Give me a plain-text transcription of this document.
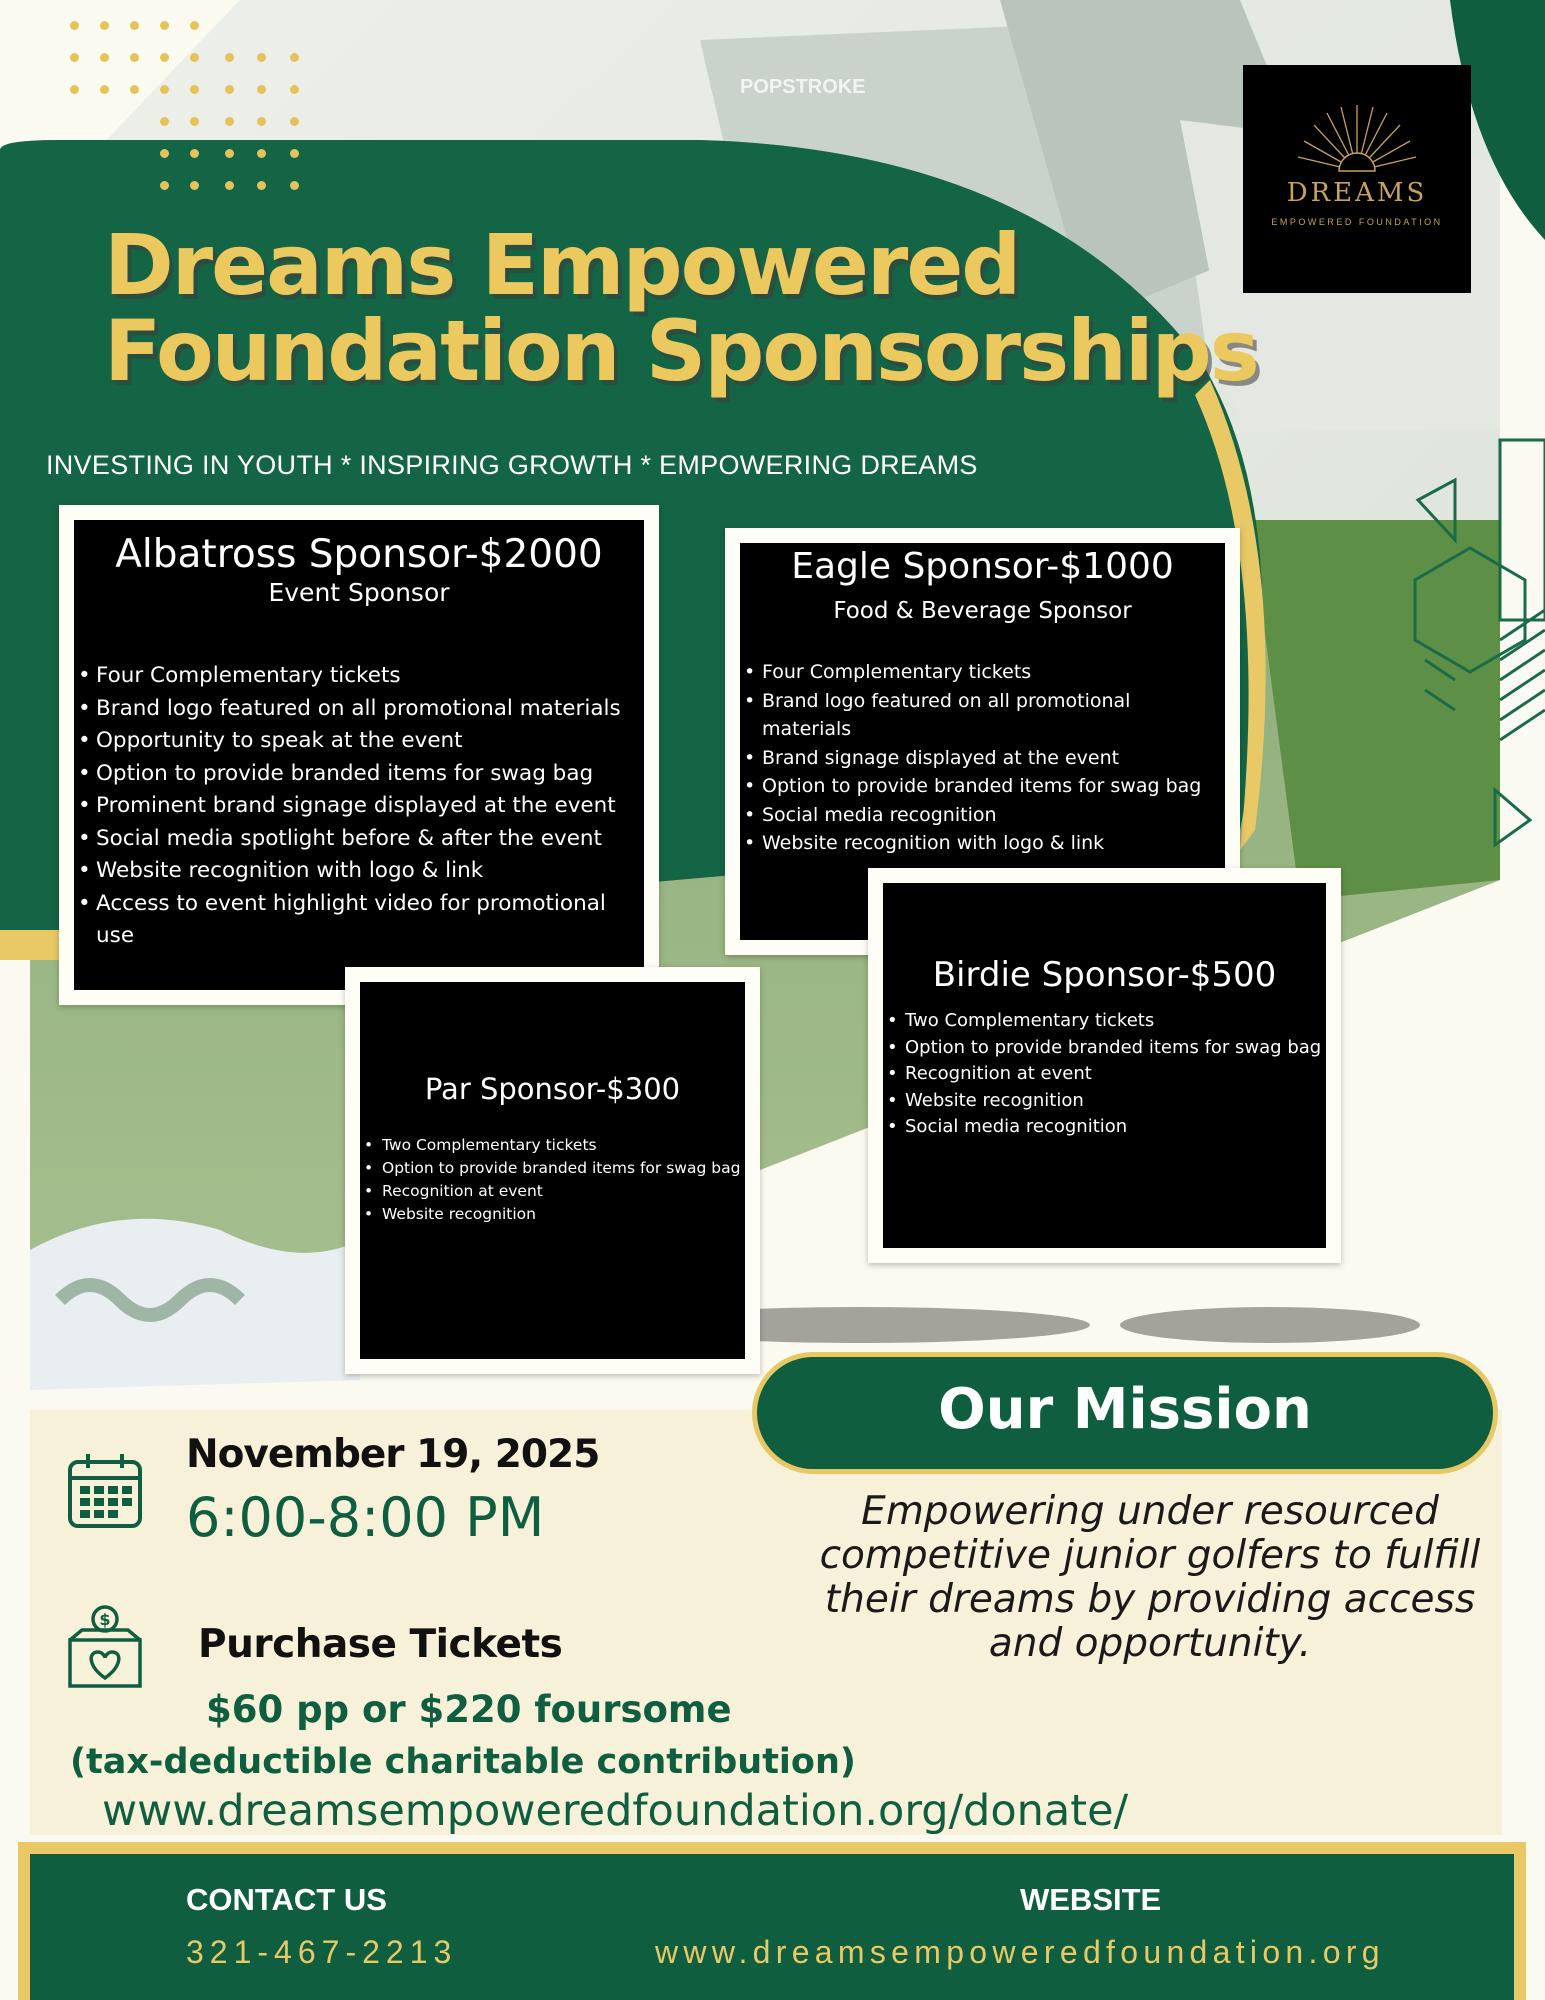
POPSTROKE
DREAMS
EMPOWERED FOUNDATION
Dreams Empowered
Foundation Sponsorships
INVESTING IN YOUTH * INSPIRING GROWTH * EMPOWERING DREAMS
Albatross Sponsor-$2000
Event Sponsor
• Four Complementary tickets
• Brand logo featured on all promotional materials
• Opportunity to speak at the event
• Option to provide branded items for swag bag
• Prominent brand signage displayed at the event
• Social media spotlight before & after the event
• Website recognition with logo & link
• Access to event highlight video for promotional use
Eagle Sponsor-$1000
Food & Beverage Sponsor
• Four Complementary tickets
• Brand logo featured on all promotional materials
• Brand signage displayed at the event
• Option to provide branded items for swag bag
• Social media recognition
• Website recognition with logo & link
Birdie Sponsor-$500
• Two Complementary tickets
• Option to provide branded items for swag bag
• Recognition at event
• Website recognition
• Social media recognition
Par Sponsor-$300
• Two Complementary tickets
• Option to provide branded items for swag bag
• Recognition at event
• Website recognition
November 19, 2025
6:00-8:00 PM
$
Purchase Tickets
$60 pp or $220 foursome
(tax-deductible charitable contribution)
www.dreamsempoweredfoundation.org/donate/
Our Mission
Empowering under resourced competitive junior golfers to fulfill their dreams by providing access and opportunity.
CONTACT US
321-467-2213
WEBSITE
www.dreamsempoweredfoundation.org
